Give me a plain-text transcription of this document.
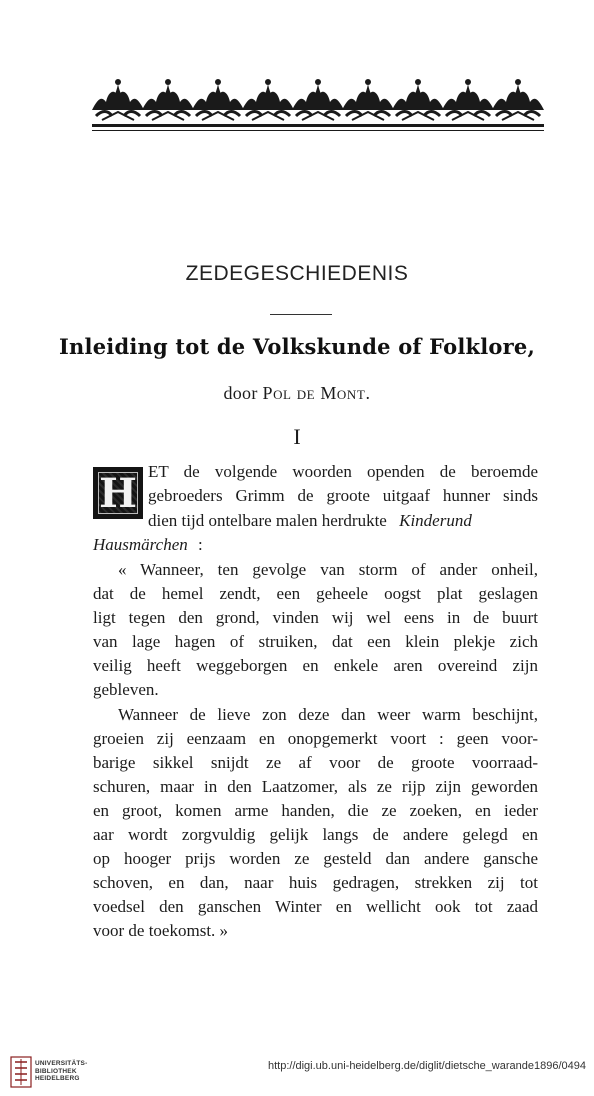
ZEDEGESCHIEDENIS
Inleiding tot de Volkskunde of Folklore,
door Pol de Mont.
I
H ET de volgende woorden openden de beroemde
gebroeders Grimm de groote uitgaaf hunner sinds
dien tijd ontelbare malen herdrukte Kinderund
Hausmärchen :
« Wanneer, ten gevolge van storm of ander onheil,
dat de hemel zendt, een geheele oogst plat geslagen
ligt tegen den grond, vinden wij wel eens in de buurt
van lage hagen of struiken, dat een klein plekje zich
veilig heeft weggeborgen en enkele aren overeind zijn
gebleven.
Wanneer de lieve zon deze dan weer warm beschijnt,
groeien zij eenzaam en onopgemerkt voort : geen voor-
barige sikkel snijdt ze af voor de groote voorraad-
schuren, maar in den Laatzomer, als ze rijp zijn geworden
en groot, komen arme handen, die ze zoeken, en ieder
aar wordt zorgvuldig gelijk langs de andere gelegd en
op hooger prijs worden ze gesteld dan andere gansche
schoven, en dan, naar huis gedragen, strekken zij tot
voedsel den ganschen Winter en wellicht ook tot zaad
voor de toekomst. »
UNIVERSITÄTS-
BIBLIOTHEK
HEIDELBERG
http://digi.ub.uni-heidelberg.de/diglit/dietsche_warande1896/0494
